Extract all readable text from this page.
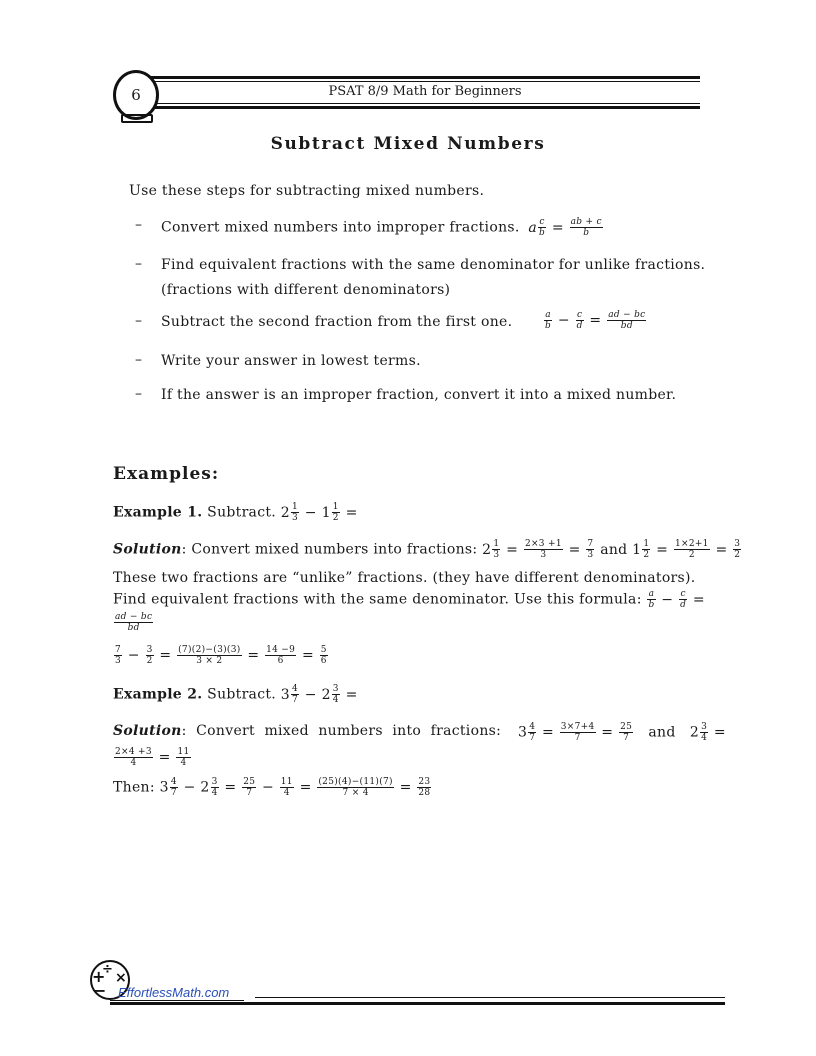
6	PSAT 8/9 Math for Beginners
Subtract Mixed Numbers
Use these steps for subtracting mixed numbers.
– Convert mixed numbers into improper fractions. a $\frac{c}{b} = \frac{ab + c}{b}$
– Find equivalent fractions with the same denominator for unlike fractions.
(fractions with different denominators)
– Subtract the second fraction from the first one.	$\frac{a}{b} - \frac{c}{d} = \frac{ad - bc}{bd}$
– Write your answer in lowest terms.
– If the answer is an improper fraction, convert it into a mixed number.
Examples:
Example 1. Subtract. $2 \frac{1}{3} - 1 \frac{1}{2}$ =
Solution: Convert mixed numbers into fractions: $2 \frac{1}{3} = \frac{2\times 3 +1}{3} = \frac{7}{3}$ and $1 \frac{1}{2} = \frac{1\times 2+1}{2} = \frac{3}{2}$
These two fractions are “unlike” fractions. (they have different denominators).
Find equivalent fractions with the same denominator. Use this formula: $\frac{a}{b} - \frac{c}{d}$ =
$\frac{ad - bc}{bd}$
$\frac{7}{3} - \frac{3}{2} = \frac{(7)(2)-(3)(3)}{3 \times 2} = \frac{14 -9}{6} = \frac{5}{6}$
Example 2. Subtract. $3 \frac{4}{7} - 2 \frac{3}{4}$ =
Solution:  Convert  mixed  numbers  into  fractions: $3 \frac{4}{7} = \frac{3\times 7+4}{7} = \frac{25}{7}$ and   $2 \frac{3}{4}$ =
$\frac{2\times 4 +3}{4} = \frac{11}{4}$
Then: $3 \frac{4}{7} - 2 \frac{3}{4} = \frac{25}{7} - \frac{11}{4} = \frac{(25)(4)-(11)(7)}{7 \times 4} = \frac{23}{28}$
+
÷
×
− EffortlessMath.com
